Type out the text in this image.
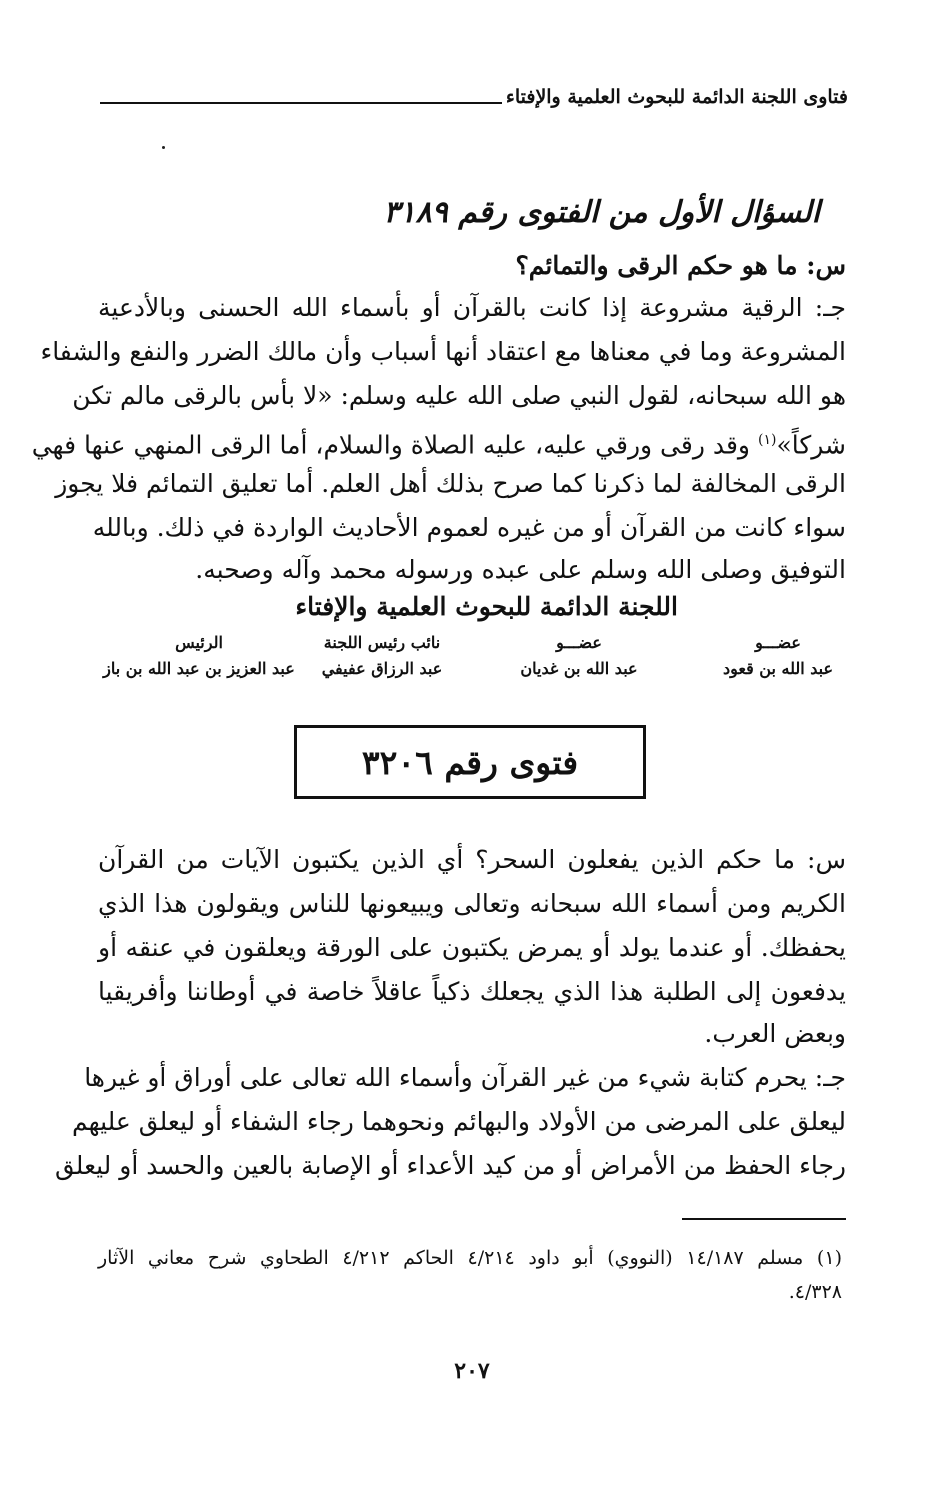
فتاوى اللجنة الدائمة للبحوث العلمية والإفتاء
السؤال الأول من الفتوى رقم ٣١٨٩
س: ما هو حكم الرقى والتمائم؟
جـ: الرقية مشروعة إذا كانت بالقرآن أو بأسماء الله الحسنى وبالأدعية
المشروعة وما في معناها مع اعتقاد أنها أسباب وأن مالك الضرر والنفع والشفاء
هو الله سبحانه، لقول النبي صلى الله عليه وسلم: «لا بأس بالرقى مالم تكن
شركاً»$^{(١)}$ وقد رقى ورقي عليه، عليه الصلاة والسلام، أما الرقى المنهي عنها فهي
الرقى المخالفة لما ذكرنا كما صرح بذلك أهل العلم. أما تعليق التمائم فلا يجوز
سواء كانت من القرآن أو من غيره لعموم الأحاديث الواردة في ذلك. وبالله
التوفيق وصلى الله وسلم على عبده ورسوله محمد وآله وصحبه.
اللجنة الدائمة للبحوث العلمية والإفتاء
عضـــو
عبد الله بن قعود
عضـــو
عبد الله بن غديان
نائب رئيس اللجنة
عبد الرزاق عفيفي
الرئيس
عبد العزيز بن عبد الله بن باز
فتوى رقم ٣٢٠٦
س: ما حكم الذين يفعلون السحر؟ أي الذين يكتبون الآيات من القرآن
الكريم ومن أسماء الله سبحانه وتعالى ويبيعونها للناس ويقولون هذا الذي
يحفظك. أو عندما يولد أو يمرض يكتبون على الورقة ويعلقون في عنقه أو
يدفعون إلى الطلبة هذا الذي يجعلك ذكياً عاقلاً خاصة في أوطاننا وأفريقيا
وبعض العرب.
جـ: يحرم كتابة شيء من غير القرآن وأسماء الله تعالى على أوراق أو غيرها
ليعلق على المرضى من الأولاد والبهائم ونحوهما رجاء الشفاء أو ليعلق عليهم
رجاء الحفظ من الأمراض أو من كيد الأعداء أو الإصابة بالعين والحسد أو ليعلق
(١) مسلم ١٤/١٨٧ (النووي) أبو داود ٤/٢١٤ الحاكم ٤/٢١٢ الطحاوي شرح معاني الآثار
٤/٣٢٨.
٢٠٧
